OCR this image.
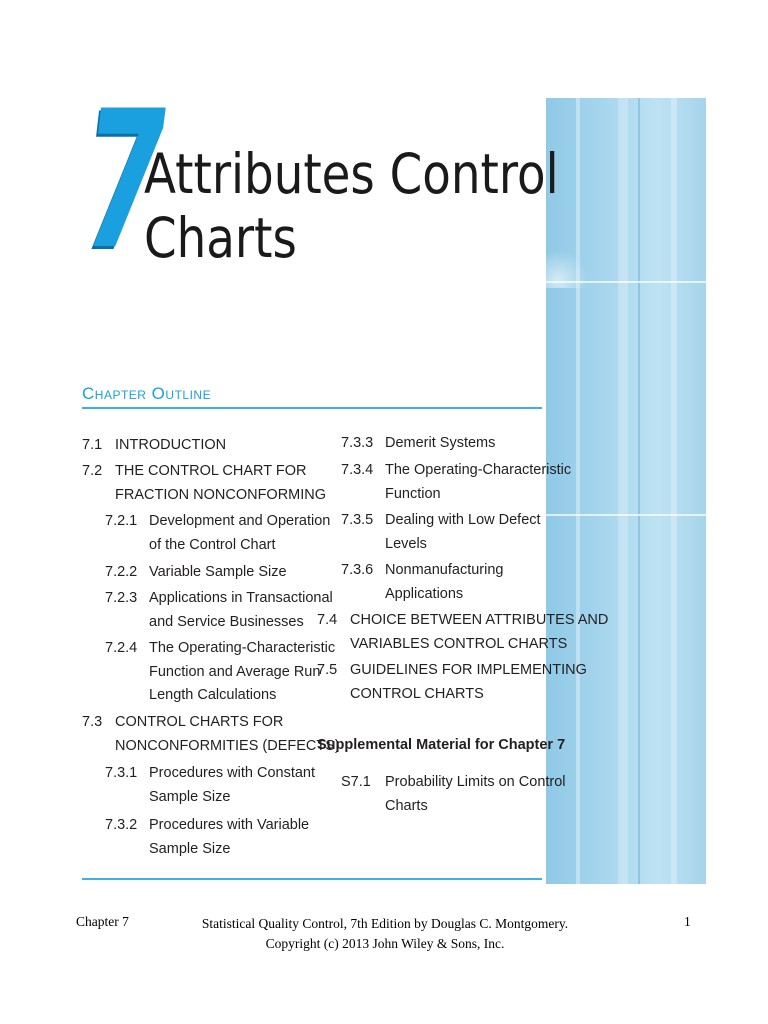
7
Attributes Control
Charts
Chapter Outline
7.1 INTRODUCTION
7.2 THE CONTROL CHART FOR
FRACTION NONCONFORMING
7.2.1 Development and Operation
of the Control Chart
7.2.2 Variable Sample Size
7.2.3 Applications in Transactional
and Service Businesses
7.2.4 The Operating-Characteristic
Function and Average Run
Length Calculations
7.3 CONTROL CHARTS FOR
NONCONFORMITIES (DEFECTS)
7.3.1 Procedures with Constant
Sample Size
7.3.2 Procedures with Variable
Sample Size
7.3.3 Demerit Systems
7.3.4 The Operating-Characteristic
Function
7.3.5 Dealing with Low Defect
Levels
7.3.6 Nonmanufacturing
Applications
7.4 CHOICE BETWEEN ATTRIBUTES AND
VARIABLES CONTROL CHARTS
7.5 GUIDELINES FOR IMPLEMENTING
CONTROL CHARTS
Supplemental Material for Chapter 7
S7.1 Probability Limits on Control
Charts
Chapter 7	Statistical Quality Control, 7th Edition by Douglas C. Montgomery.
Copyright (c) 2013 John Wiley & Sons, Inc.
1
